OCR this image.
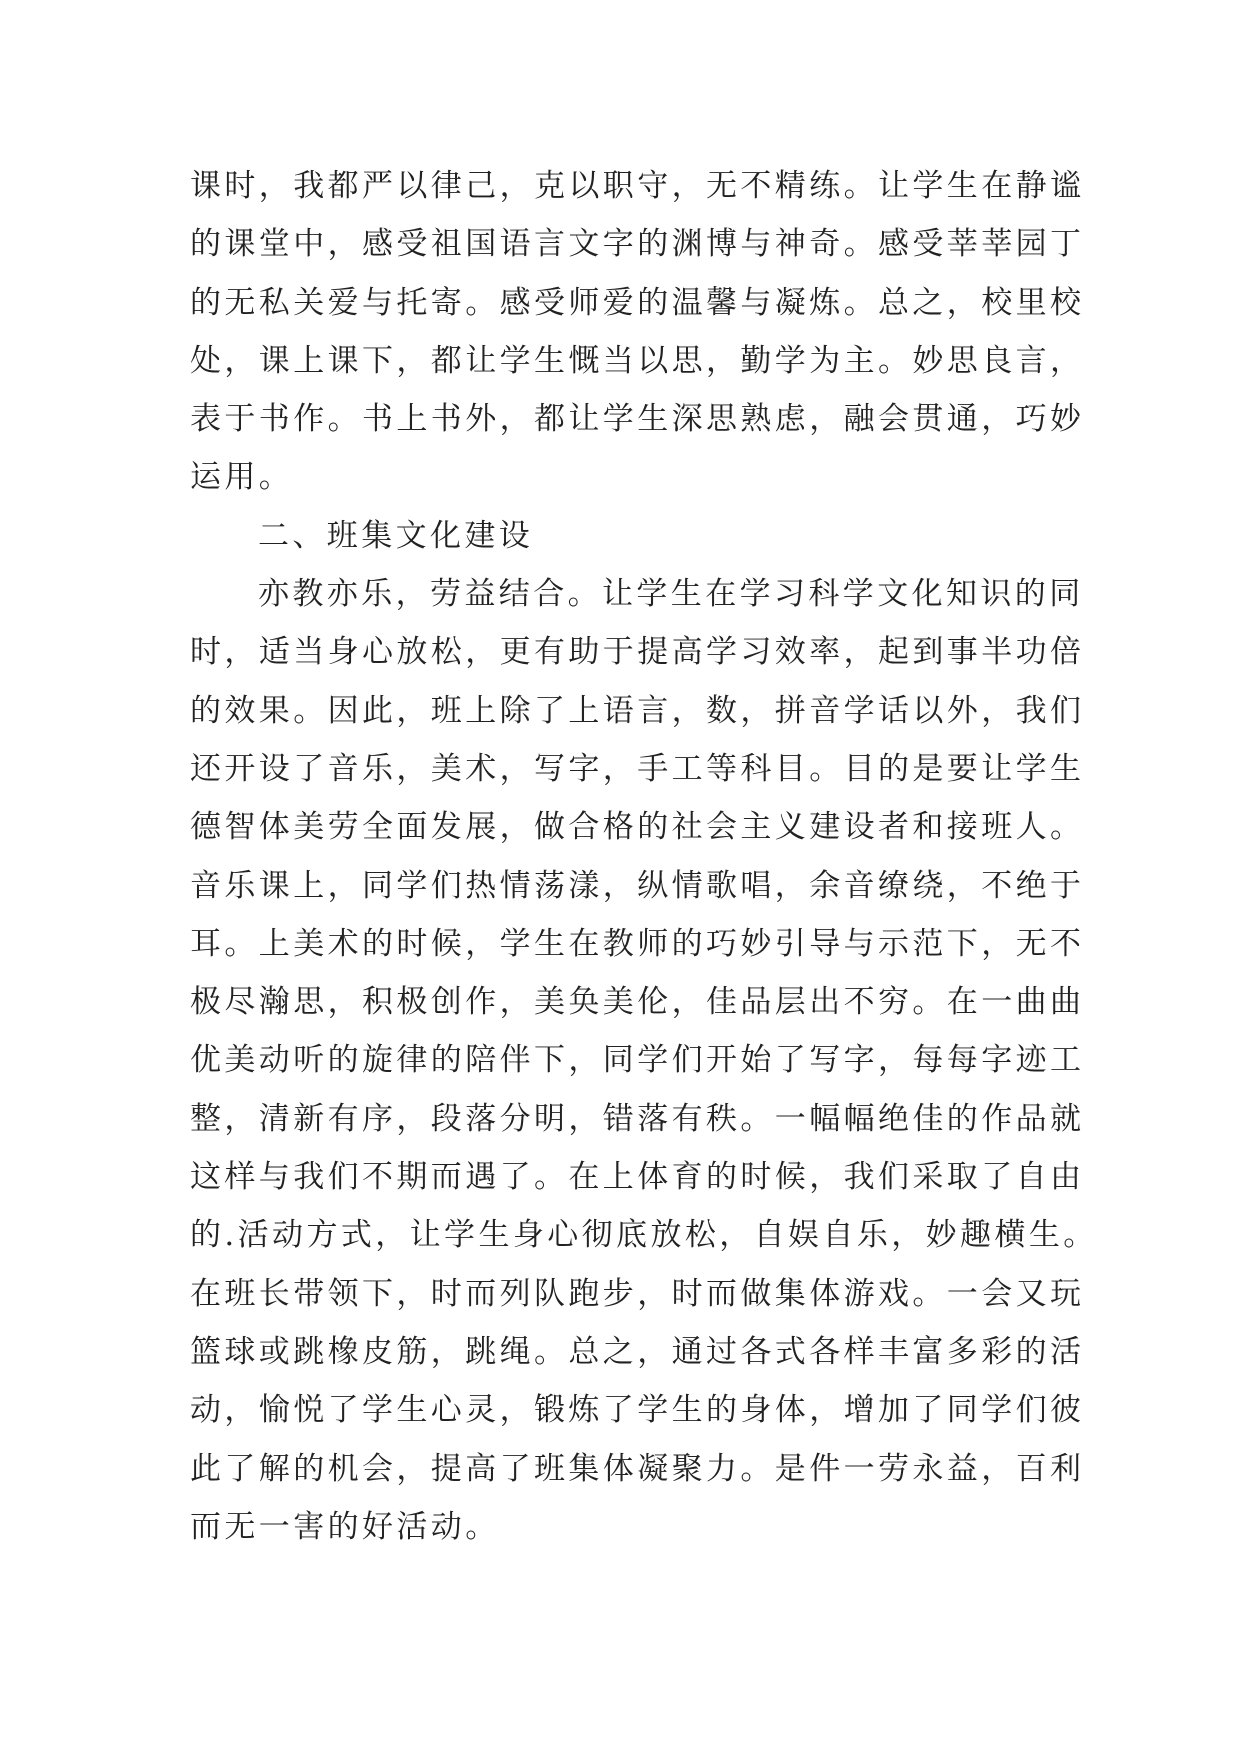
课时，我都严以律己，克以职守，无不精练。让学生在静谧
的课堂中，感受祖国语言文字的渊博与神奇。感受莘莘园丁
的无私关爱与托寄。感受师爱的温馨与凝炼。总之，校里校
处，课上课下，都让学生慨当以思，勤学为主。妙思良言，
表于书作。书上书外，都让学生深思熟虑，融会贯通，巧妙
运用。
二、班集文化建设
亦教亦乐，劳益结合。让学生在学习科学文化知识的同
时，适当身心放松，更有助于提高学习效率，起到事半功倍
的效果。因此，班上除了上语言，数，拼音学话以外，我们
还开设了音乐，美术，写字，手工等科目。目的是要让学生
德智体美劳全面发展，做合格的社会主义建设者和接班人。
音乐课上，同学们热情荡漾，纵情歌唱，余音缭绕，不绝于
耳。上美术的时候，学生在教师的巧妙引导与示范下，无不
极尽瀚思，积极创作，美奂美伦，佳品层出不穷。在一曲曲
优美动听的旋律的陪伴下，同学们开始了写字，每每字迹工
整，清新有序，段落分明，错落有秩。一幅幅绝佳的作品就
这样与我们不期而遇了。在上体育的时候，我们采取了自由
的.活动方式，让学生身心彻底放松，自娱自乐，妙趣横生。
在班长带领下，时而列队跑步，时而做集体游戏。一会又玩
篮球或跳橡皮筋，跳绳。总之，通过各式各样丰富多彩的活
动，愉悦了学生心灵，锻炼了学生的身体，增加了同学们彼
此了解的机会，提高了班集体凝聚力。是件一劳永益，百利
而无一害的好活动。
